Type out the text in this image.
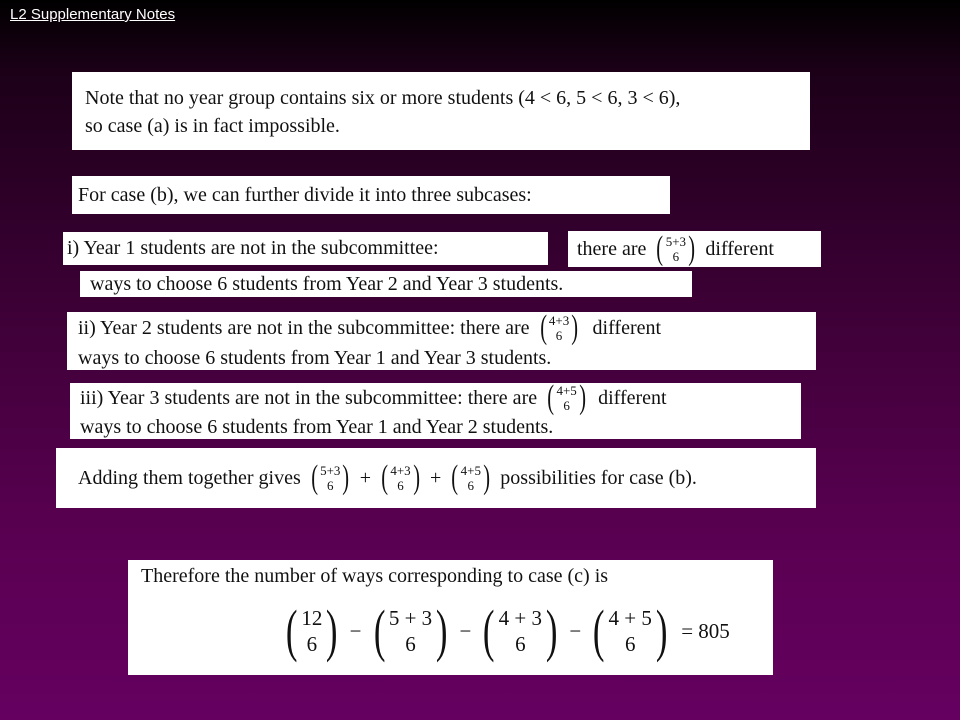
L2 Supplementary Notes
Note that no year group contains six or more students (4 < 6, 5 < 6, 3 < 6),
so case (a) is in fact impossible.
For case (b), we can further divide it into three subcases:
i) Year 1 students are not in the subcommittee:	there are ( 5+3
6 ) different
ways to choose 6 students from Year 2 and Year 3 students.
ii) Year 2 students are not in the subcommittee: there are ( 4+3
6 ) different
ways to choose 6 students from Year 1 and Year 3 students.
iii) Year 3 students are not in the subcommittee: there are ( 4+5
6 ) different
ways to choose 6 students from Year 1 and Year 2 students.
Adding them together gives ( 5+3
6 ) + ( 4+3
6 ) + ( 4+5
6 ) possibilities for case (b).
Therefore the number of ways corresponding to case (c) is
( 12
6 ) − ( 5 + 3
6 ) − ( 4 + 3
6 ) − ( 4 + 5
6 ) = 805
